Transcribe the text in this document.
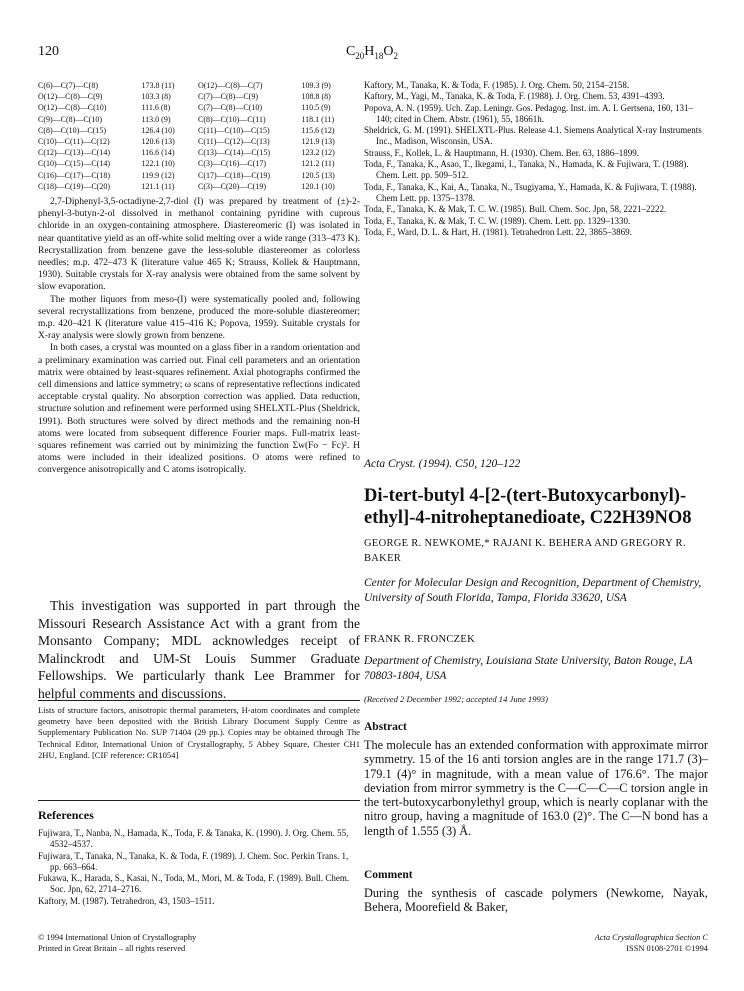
120	$C_{20}H_{18}O_2$
C(6)—C(7)—C(8)	173.8 (11)	O(12)—C(8)—C(7)	109.3 (9)
O(12)—C(8)—C(9)	103.3 (8)	C(7)—C(8)—C(9)	108.8 (8)
O(12)—C(8)—C(10)	111.6 (8)	C(7)—C(8)—C(10)	110.5 (9)
C(9)—C(8)—C(10)	113.0 (9)	C(8)—C(10)—C(11)	118.1 (11)
C(8)—C(10)—C(15)	126.4 (10)	C(11)—C(10)—C(15)	115.6 (12)
C(10)—C(11)—C(12)	120.6 (13)	C(11)—C(12)—C(13)	121.9 (13)
C(12)—C(13)—C(14)	116.6 (14)	C(13)—C(14)—C(15)	123.2 (12)
C(10)—C(15)—C(14)	122.1 (10)	C(3)—C(16)—C(17)	121.2 (11)
C(16)—C(17)—C(18)	119.9 (12)	C(17)—C(18)—C(19)	120.5 (13)
C(18)—C(19)—C(20)	121.1 (11)	C(3)—C(20)—C(19)	120.1 (10)

2,7-Diphenyl-3,5-octadiyne-2,7-diol (I) was prepared by treatment of (±)-2-phenyl-3-butyn-2-ol dissolved in methanol containing pyridine with cuprous chloride in an oxygen-containing atmosphere. Diastereomeric (I) was isolated in near quantitative yield as an off-white solid melting over a wide range (313–473 K). Recrystallization from benzene gave the less-soluble diastereomer as colorless needles; m.p. 472–473 K (literature value 465 K; Strauss, Kollek & Hauptmann, 1930). Suitable crystals for X-ray analysis were obtained from the same solvent by slow evaporation.

The mother liquors from meso-(I) were systematically pooled and, following several recrystallizations from benzene, produced the more-soluble diastereomer; m.p. 420–421 K (literature value 415–416 K; Popova, 1959). Suitable crystals for X-ray analysis were slowly grown from benzene.

In both cases, a crystal was mounted on a glass fiber in a random orientation and a preliminary examination was carried out. Final cell parameters and an orientation matrix were obtained by least-squares refinement. Axial photographs confirmed the cell dimensions and lattice symmetry; ω scans of representative reflections indicated acceptable crystal quality. No absorption correction was applied. Data reduction, structure solution and refinement were performed using SHELXTL-Plus (Sheldrick, 1991). Both structures were solved by direct methods and the remaining non-H atoms were located from subsequent difference Fourier maps. Full-matrix least-squares refinement was carried out by minimizing the function Σw(Fo − Fc)². H atoms were included in their idealized positions. O atoms were refined to convergence anisotropically and C atoms isotropically.

This investigation was supported in part through the Missouri Research Assistance Act with a grant from the Monsanto Company; MDL acknowledges receipt of Malinckrodt and UM-St Louis Summer Graduate Fellowships. We particularly thank Lee Brammer for helpful comments and discussions.

Lists of structure factors, anisotropic thermal parameters, H-atom coordinates and complete geometry have been deposited with the British Library Document Supply Centre as Supplementary Publication No. SUP 71404 (29 pp.). Copies may be obtained through The Technical Editor, International Union of Crystallography, 5 Abbey Square, Chester CH1 2HU, England. [CIF reference: CR1054]

References

Fujiwara, T., Nanba, N., Hamada, K., Toda, F. & Tanaka, K. (1990). J. Org. Chem. 55, 4532–4537.

Fujiwara, T., Tanaka, N., Tanaka, K. & Toda, F. (1989). J. Chem. Soc. Perkin Trans. 1, pp. 663–664.

Fukawa, K., Harada, S., Kasai, N., Toda, M., Mori, M. & Toda, F. (1989). Bull. Chem. Soc. Jpn, 62, 2714–2716.

Kaftory, M. (1987). Tetrahedron, 43, 1503–1511.

© 1994 International Union of Crystallography
Printed in Great Britain – all rights reserved

Kaftory, M., Tanaka, K. & Toda, F. (1985). J. Org. Chem. 50, 2154–2158.

Kaftory, M., Yagi, M., Tanaka, K. & Toda, F. (1988). J. Org. Chem. 53, 4391–4393.

Popova, A. N. (1959). Uch. Zap. Leningr. Gos. Pedagog. Inst. im. A. I. Gertsena, 160, 131–140; cited in Chem. Abstr. (1961), 55, 18661h.

Sheldrick, G. M. (1991). SHELXTL-Plus. Release 4.1. Siemens Analytical X-ray Instruments Inc., Madison, Wisconsin, USA.

Strauss, F., Kollek, L. & Hauptmann, H. (1930). Chem. Ber. 63, 1886–1899.

Toda, F., Tanaka, K., Asao, T., Ikegami, I., Tanaka, N., Hamada, K. & Fujiwara, T. (1988). Chem. Lett. pp. 509–512.

Toda, F., Tanaka, K., Kai, A., Tanaka, N., Tsugiyama, Y., Hamada, K. & Fujiwara, T. (1988). Chem Lett. pp. 1375–1378.

Toda, F., Tanaka, K. & Mak, T. C. W. (1985). Bull. Chem. Soc. Jpn, 58, 2221–2222.

Toda, F., Tanaka, K. & Mak, T. C. W. (1989). Chem. Lett. pp. 1329–1330.

Toda, F., Ward, D. L. & Hart, H. (1981). Tetrahedron Lett. 22, 3865–3869.

Acta Cryst. (1994). C50, 120–122
Di-tert-butyl 4-[2-(tert-Butoxycarbonyl)-ethyl]-4-nitroheptanedioate, C22H39NO8
GEORGE R. NEWKOME,* RAJANI K. BEHERA AND GREGORY R. BAKER
Center for Molecular Design and Recognition, Department of Chemistry, University of South Florida, Tampa, Florida 33620, USA
FRANK R. FRONCZEK
Department of Chemistry, Louisiana State University, Baton Rouge, LA 70803-1804, USA
(Received 2 December 1992; accepted 14 June 1993)
Abstract

The molecule has an extended conformation with approximate mirror symmetry. 15 of the 16 anti torsion angles are in the range 171.7 (3)–179.1 (4)° in magnitude, with a mean value of 176.6°. The major deviation from mirror symmetry is the C—C—C—C torsion angle in the tert-butoxycarbonylethyl group, which is nearly coplanar with the nitro group, having a magnitude of 163.0 (2)°. The C—N bond has a length of 1.555 (3) Å.

Comment

During the synthesis of cascade polymers (Newkome, Nayak, Behera, Moorefield & Baker,

Acta Crystallographica Section C
ISSN 0108-2701 ©1994
